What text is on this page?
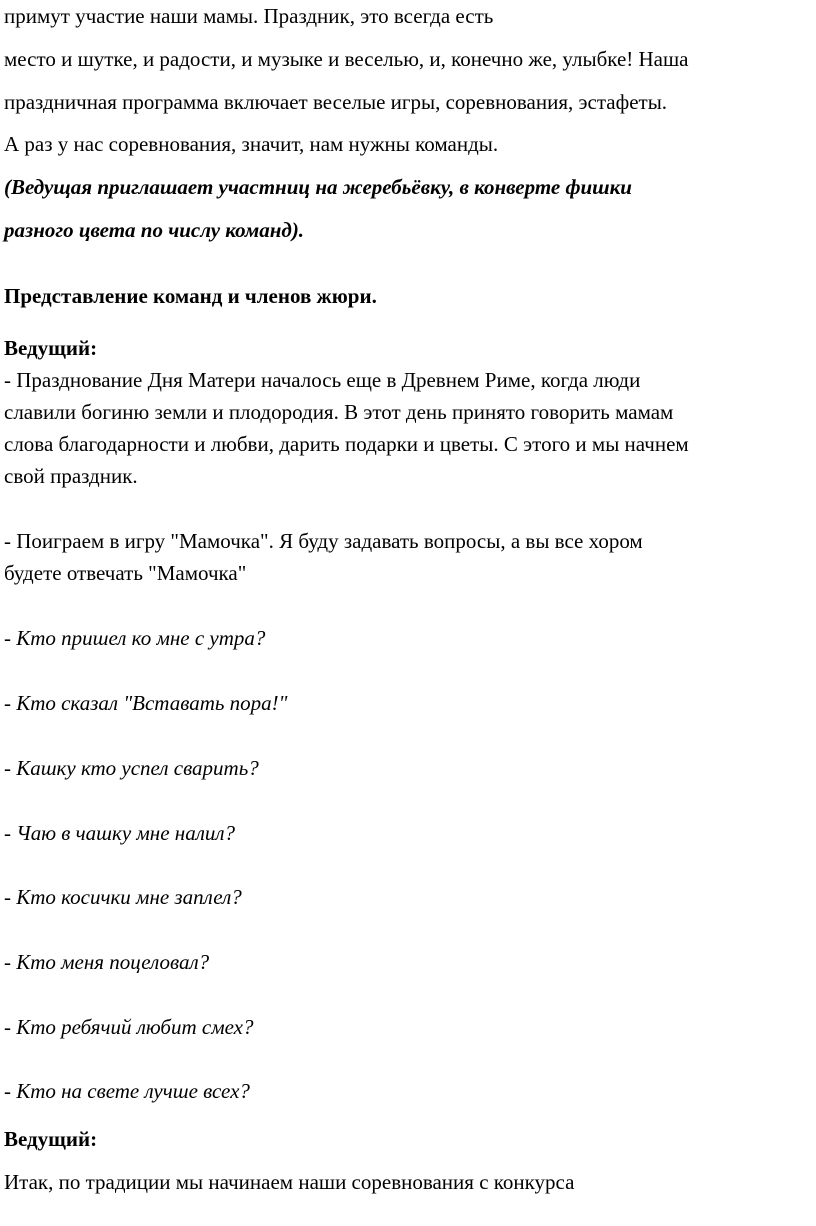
примут участие наши мамы. Праздник, это всегда есть
место и шутке, и радости, и музыке и веселью, и, конечно же, улыбке! Наша
праздничная программа включает веселые игры, соревнования, эстафеты.
А раз у нас соревнования, значит, нам нужны команды.
(Ведущая приглашает участниц на жеребьёвку, в конверте фишки
разного цвета по числу команд).
Представление команд и членов жюри.
Ведущий:
- Празднование Дня Матери началось еще в Древнем Риме, когда люди
славили богиню земли и плодородия. В этот день принято говорить мамам
слова благодарности и любви, дарить подарки и цветы. С этого и мы начнем
свой праздник.
- Поиграем в игру "Мамочка". Я буду задавать вопросы, а вы все хором
будете отвечать "Мамочка"
- Кто пришел ко мне с утра?
- Кто сказал "Вставать пора!"
- Кашку кто успел сварить?
- Чаю в чашку мне налил?
- Кто косички мне заплел?
- Кто меня поцеловал?
- Кто ребячий любит смех?
- Кто на свете лучше всех?
Ведущий:
Итак, по традиции мы начинаем наши соревнования с конкурса
